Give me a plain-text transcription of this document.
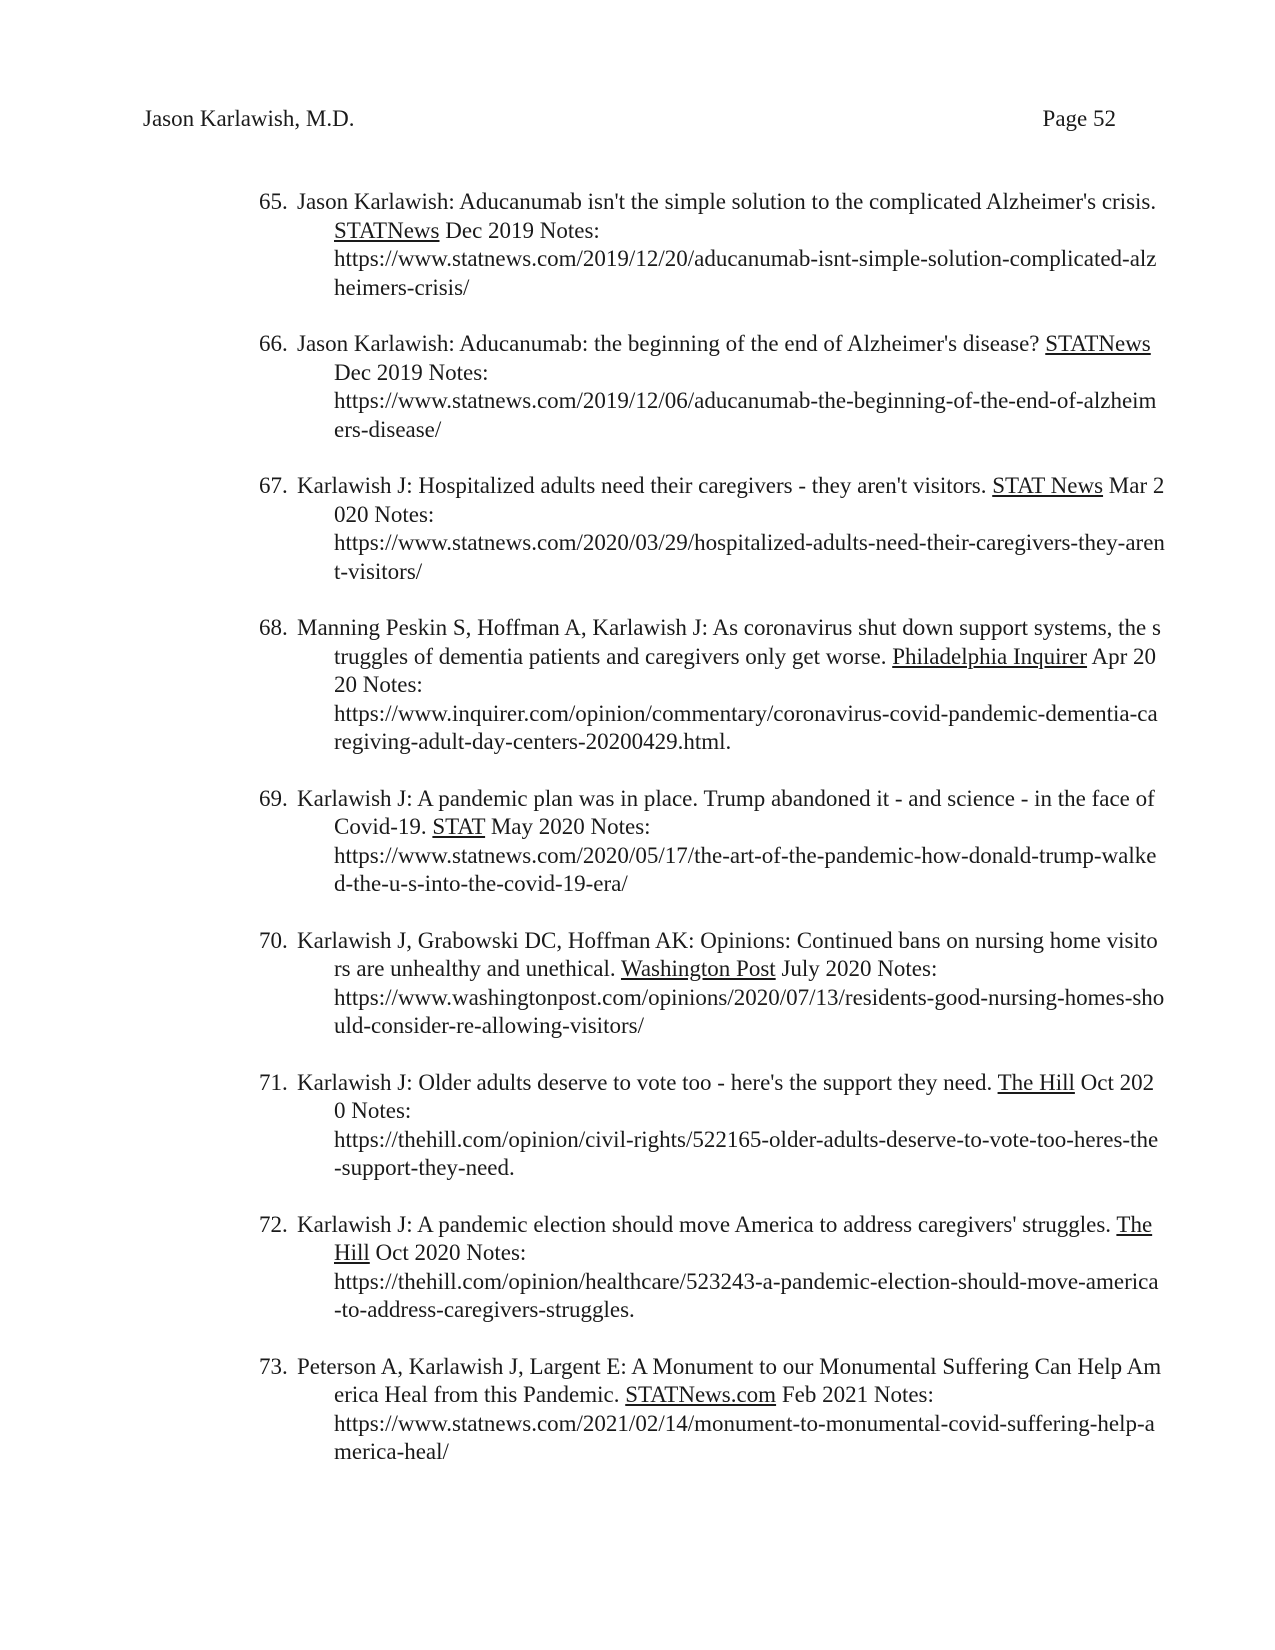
Jason Karlawish, M.D.	Page 52
65. Jason Karlawish: Aducanumab isn't the simple solution to the complicated Alzheimer's crisis. STATNews Dec 2019 Notes:
https://www.statnews.com/2019/12/20/aducanumab-isnt-simple-solution-complicated-alzheimers-crisis/
66. Jason Karlawish: Aducanumab: the beginning of the end of Alzheimer's disease? STATNews Dec 2019 Notes:
https://www.statnews.com/2019/12/06/aducanumab-the-beginning-of-the-end-of-alzheimers-disease/
67. Karlawish J: Hospitalized adults need their caregivers - they aren't visitors. STAT News Mar 2020 Notes:
https://www.statnews.com/2020/03/29/hospitalized-adults-need-their-caregivers-they-arent-visitors/
68. Manning Peskin S, Hoffman A, Karlawish J: As coronavirus shut down support systems, the struggles of dementia patients and caregivers only get worse. Philadelphia Inquirer Apr 2020 Notes:
https://www.inquirer.com/opinion/commentary/coronavirus-covid-pandemic-dementia-caregiving-adult-day-centers-20200429.html.
69. Karlawish J: A pandemic plan was in place. Trump abandoned it - and science - in the face of Covid-19. STAT May 2020 Notes:
https://www.statnews.com/2020/05/17/the-art-of-the-pandemic-how-donald-trump-walked-the-u-s-into-the-covid-19-era/
70. Karlawish J, Grabowski DC, Hoffman AK: Opinions: Continued bans on nursing home visitors are unhealthy and unethical. Washington Post July 2020 Notes:
https://www.washingtonpost.com/opinions/2020/07/13/residents-good-nursing-homes-should-consider-re-allowing-visitors/
71. Karlawish J: Older adults deserve to vote too - here's the support they need. The Hill Oct 2020 Notes:
https://thehill.com/opinion/civil-rights/522165-older-adults-deserve-to-vote-too-heres-the-support-they-need.
72. Karlawish J: A pandemic election should move America to address caregivers' struggles. The Hill Oct 2020 Notes:
https://thehill.com/opinion/healthcare/523243-a-pandemic-election-should-move-america-to-address-caregivers-struggles.
73. Peterson A, Karlawish J, Largent E: A Monument to our Monumental Suffering Can Help America Heal from this Pandemic. STATNews.com Feb 2021 Notes:
https://www.statnews.com/2021/02/14/monument-to-monumental-covid-suffering-help-america-heal/
